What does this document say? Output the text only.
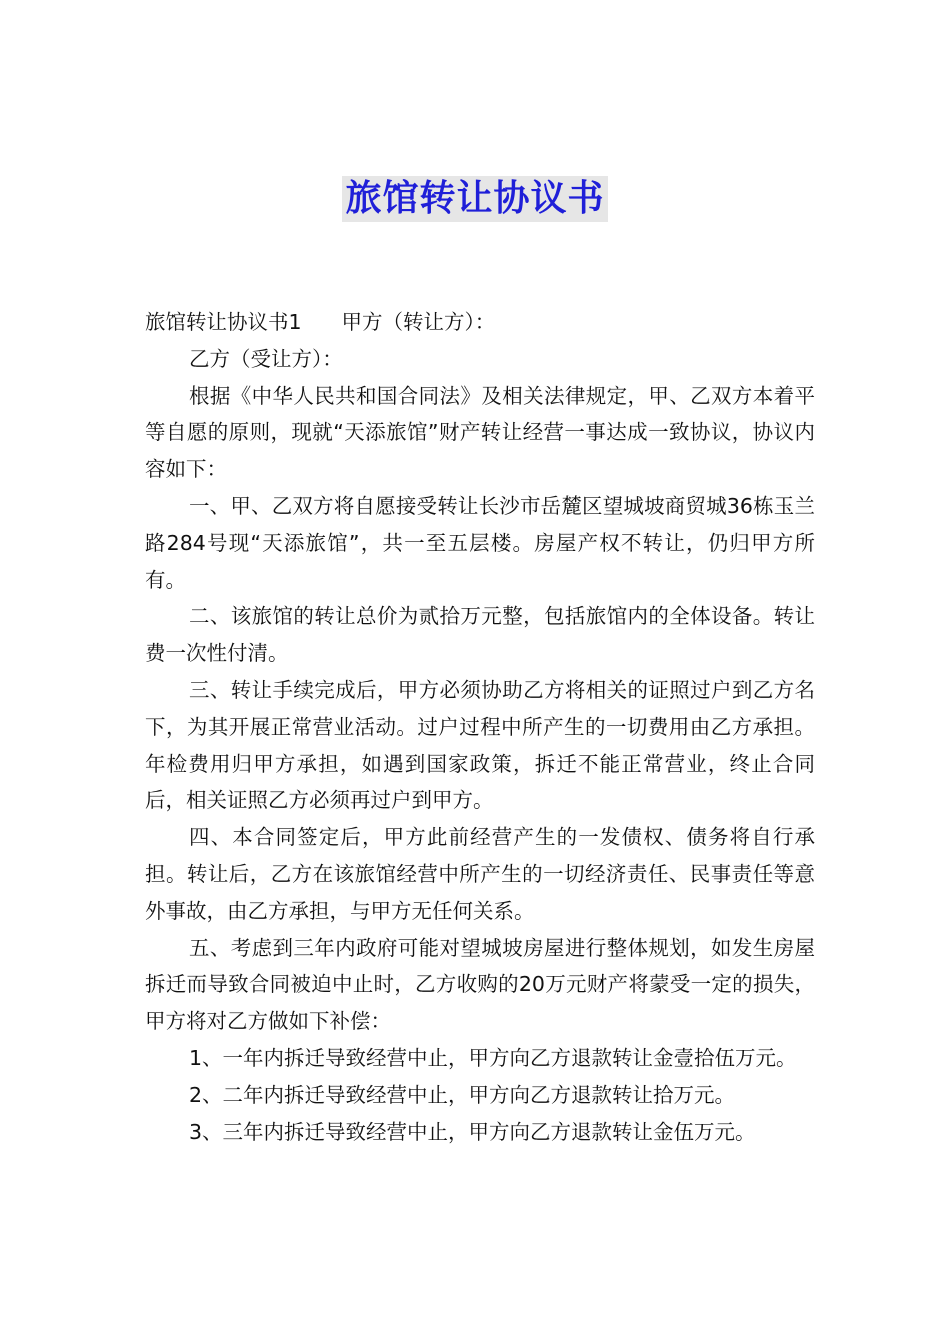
旅馆转让协议书

旅馆转让协议书1 甲方（转让方）：

乙方（受让方）：

根据《中华人民共和国合同法》及相关法律规定，甲、乙双方本着平等自愿的原则，现就“天添旅馆”财产转让经营一事达成一致协议，协议内容如下：

一、甲、乙双方将自愿接受转让长沙市岳麓区望城坡商贸城36栋玉兰路284号现“天添旅馆”，共一至五层楼。房屋产权不转让，仍归甲方所有。

二、该旅馆的转让总价为贰拾万元整，包括旅馆内的全体设备。转让费一次性付清。

三、转让手续完成后，甲方必须协助乙方将相关的证照过户到乙方名下，为其开展正常营业活动。过户过程中所产生的一切费用由乙方承担。年检费用归甲方承担，如遇到国家政策，拆迁不能正常营业，终止合同后，相关证照乙方必须再过户到甲方。

四、本合同签定后，甲方此前经营产生的一发债权、债务将自行承担。转让后，乙方在该旅馆经营中所产生的一切经济责任、民事责任等意外事故，由乙方承担，与甲方无任何关系。

五、考虑到三年内政府可能对望城坡房屋进行整体规划，如发生房屋拆迁而导致合同被迫中止时，乙方收购的20万元财产将蒙受一定的损失，甲方将对乙方做如下补偿：

1、一年内拆迁导致经营中止，甲方向乙方退款转让金壹拾伍万元。

2、二年内拆迁导致经营中止，甲方向乙方退款转让拾万元。

3、三年内拆迁导致经营中止，甲方向乙方退款转让金伍万元。
